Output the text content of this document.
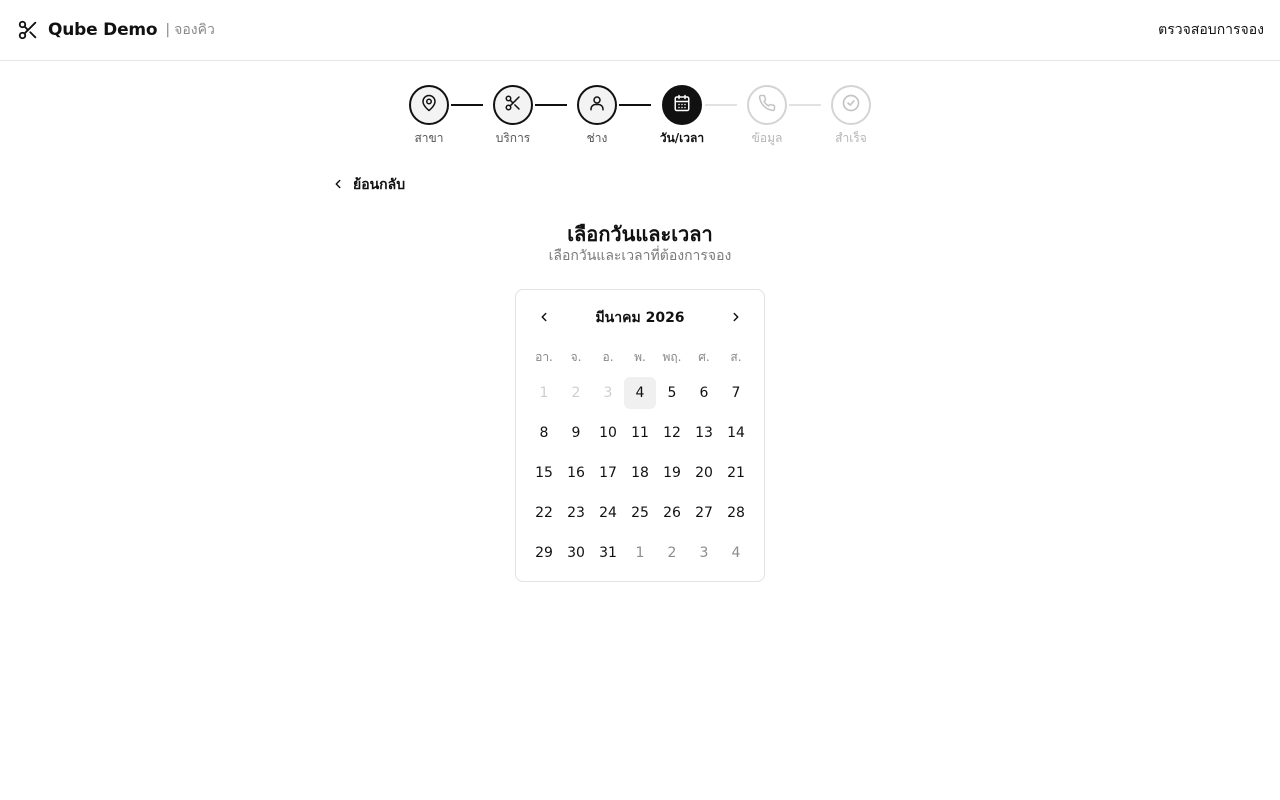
Qube Demo | จองคิว	ตรวจสอบการจอง
สาขา	บริการ	ช่าง	วัน/เวลา	ข้อมูล	สำเร็จ
ย้อนกลับ
เลือกวันและเวลา
เลือกวันและเวลาที่ต้องการจอง
มีนาคม 2026
อา.	จ.	อ.	พ.	พฤ.	ศ.	ส.
1	2	3	4	5	6	7
8	9	10	11	12	13	14
15	16	17	18	19	20	21
22	23	24	25	26	27	28
29	30	31	1	2	3	4
